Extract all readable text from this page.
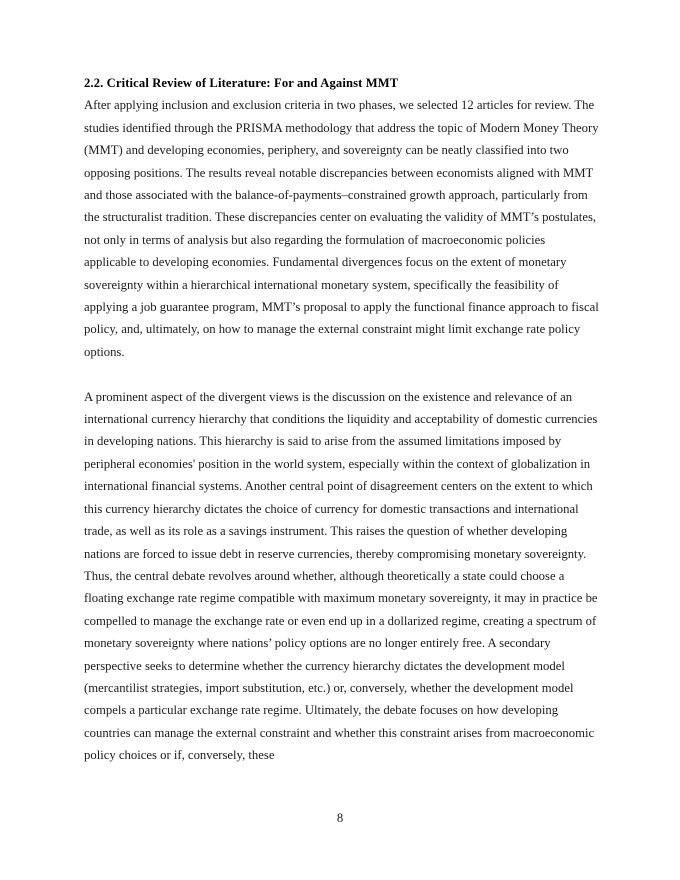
2.2. Critical Review of Literature: For and Against MMT

After applying inclusion and exclusion criteria in two phases, we selected 12 articles for review. The studies identified through the PRISMA methodology that address the topic of Modern Money Theory (MMT) and developing economies, periphery, and sovereignty can be neatly classified into two opposing positions. The results reveal notable discrepancies between economists aligned with MMT and those associated with the balance-of-payments–constrained growth approach, particularly from the structuralist tradition. These discrepancies center on evaluating the validity of MMT’s postulates, not only in terms of analysis but also regarding the formulation of macroeconomic policies applicable to developing economies. Fundamental divergences focus on the extent of monetary sovereignty within a hierarchical international monetary system, specifically the feasibility of applying a job guarantee program, MMT’s proposal to apply the functional finance approach to fiscal policy, and, ultimately, on how to manage the external constraint might limit exchange rate policy options.

A prominent aspect of the divergent views is the discussion on the existence and relevance of an international currency hierarchy that conditions the liquidity and acceptability of domestic currencies in developing nations. This hierarchy is said to arise from the assumed limitations imposed by peripheral economies' position in the world system, especially within the context of globalization in international financial systems. Another central point of disagreement centers on the extent to which this currency hierarchy dictates the choice of currency for domestic transactions and international trade, as well as its role as a savings instrument. This raises the question of whether developing nations are forced to issue debt in reserve currencies, thereby compromising monetary sovereignty. Thus, the central debate revolves around whether, although theoretically a state could choose a floating exchange rate regime compatible with maximum monetary sovereignty, it may in practice be compelled to manage the exchange rate or even end up in a dollarized regime, creating a spectrum of monetary sovereignty where nations’ policy options are no longer entirely free. A secondary perspective seeks to determine whether the currency hierarchy dictates the development model (mercantilist strategies, import substitution, etc.) or, conversely, whether the development model compels a particular exchange rate regime. Ultimately, the debate focuses on how developing countries can manage the external constraint and whether this constraint arises from macroeconomic policy choices or if, conversely, these

8
